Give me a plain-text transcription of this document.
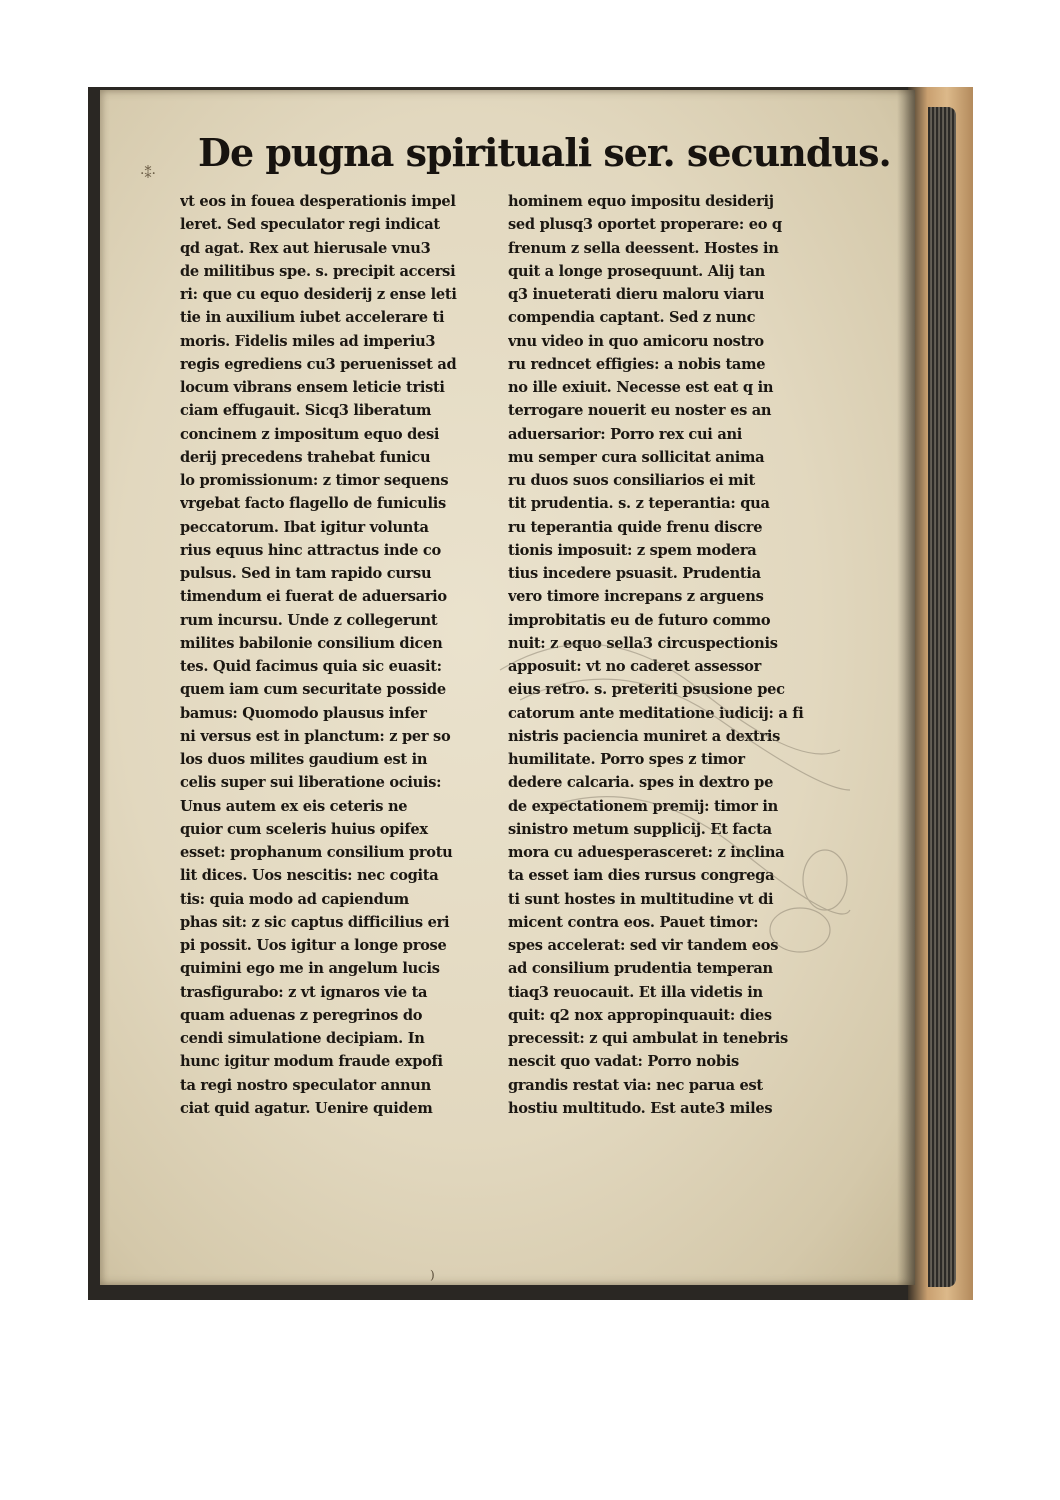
·⁑· De pugna spirituali ser. secundus.
vt eos in fouea desperationis impel
leret. Sed speculator regi indicat
qd agat. Rex aut hierusale vnu3
de militibus spe. s. precipit accersi
ri: que cu equo desiderij z ense leti
tie in auxilium iubet accelerare ti
moris. Fidelis miles ad imperiu3
regis egrediens cu3 peruenisset ad
locum vibrans ensem leticie tristi
ciam effugauit. Sicq3 liberatum
concinem z impositum equo desi
derij precedens trahebat funicu
lo promissionum: z timor sequens
vrgebat facto flagello de funiculis
peccatorum. Ibat igitur volunta
rius equus hinc attractus inde co
pulsus. Sed in tam rapido cursu
timendum ei fuerat de aduersario
rum incursu. Unde z collegerunt
milites babilonie consilium dicen
tes. Quid facimus quia sic euasit:
quem iam cum securitate posside
bamus: Quomodo plausus infer
ni versus est in planctum: z per so
los duos milites gaudium est in
celis super sui liberatione ociuis:
Unus autem ex eis ceteris ne
quior cum sceleris huius opifex
esset: prophanum consilium protu
lit dices. Uos nescitis: nec cogita
tis: quia modo ad capiendum
phas sit: z sic captus difficilius eri
pi possit. Uos igitur a longe prose
quimini ego me in angelum lucis
trasfigurabo: z vt ignaros vie ta
quam aduenas z peregrinos do
cendi simulatione decipiam. In
hunc igitur modum fraude expofi
ta regi nostro speculator annun
ciat quid agatur. Uenire quidem
hominem equo impositu desiderij
sed plusq3 oportet properare: eo q
frenum z sella deessent. Hostes in
quit a longe prosequunt. Alij tan
q3 inueterati dieru maloru viaru
compendia captant. Sed z nunc
vnu video in quo amicoru nostro
ru redncet effigies: a nobis tame
no ille exiuit. Necesse est eat q in
terrogare nouerit eu noster es an
aduersarior: Porro rex cui ani
mu semper cura sollicitat anima
ru duos suos consiliarios ei mit
tit prudentia. s. z teperantia: qua
ru teperantia quide frenu discre
tionis imposuit: z spem modera
tius incedere psuasit. Prudentia
vero timore increpans z arguens
improbitatis eu de futuro commo
nuit: z equo sella3 circuspectionis
apposuit: vt no caderet assessor
eius retro. s. preteriti psusione pec
catorum ante meditatione iudicij: a fi
nistris paciencia muniret a dextris
humilitate. Porro spes z timor
dedere calcaria. spes in dextro pe
de expectationem premij: timor in
sinistro metum supplicij. Et facta
mora cu aduesperasceret: z inclina
ta esset iam dies rursus congrega
ti sunt hostes in multitudine vt di
micent contra eos. Pauet timor:
spes accelerat: sed vir tandem eos
ad consilium prudentia temperan
tiaq3 reuocauit. Et illa videtis in
quit: q2 nox appropinquauit: dies
precessit: z qui ambulat in tenebris
nescit quo vadat: Porro nobis
grandis restat via: nec parua est
hostiu multitudo. Est aute3 miles
)
